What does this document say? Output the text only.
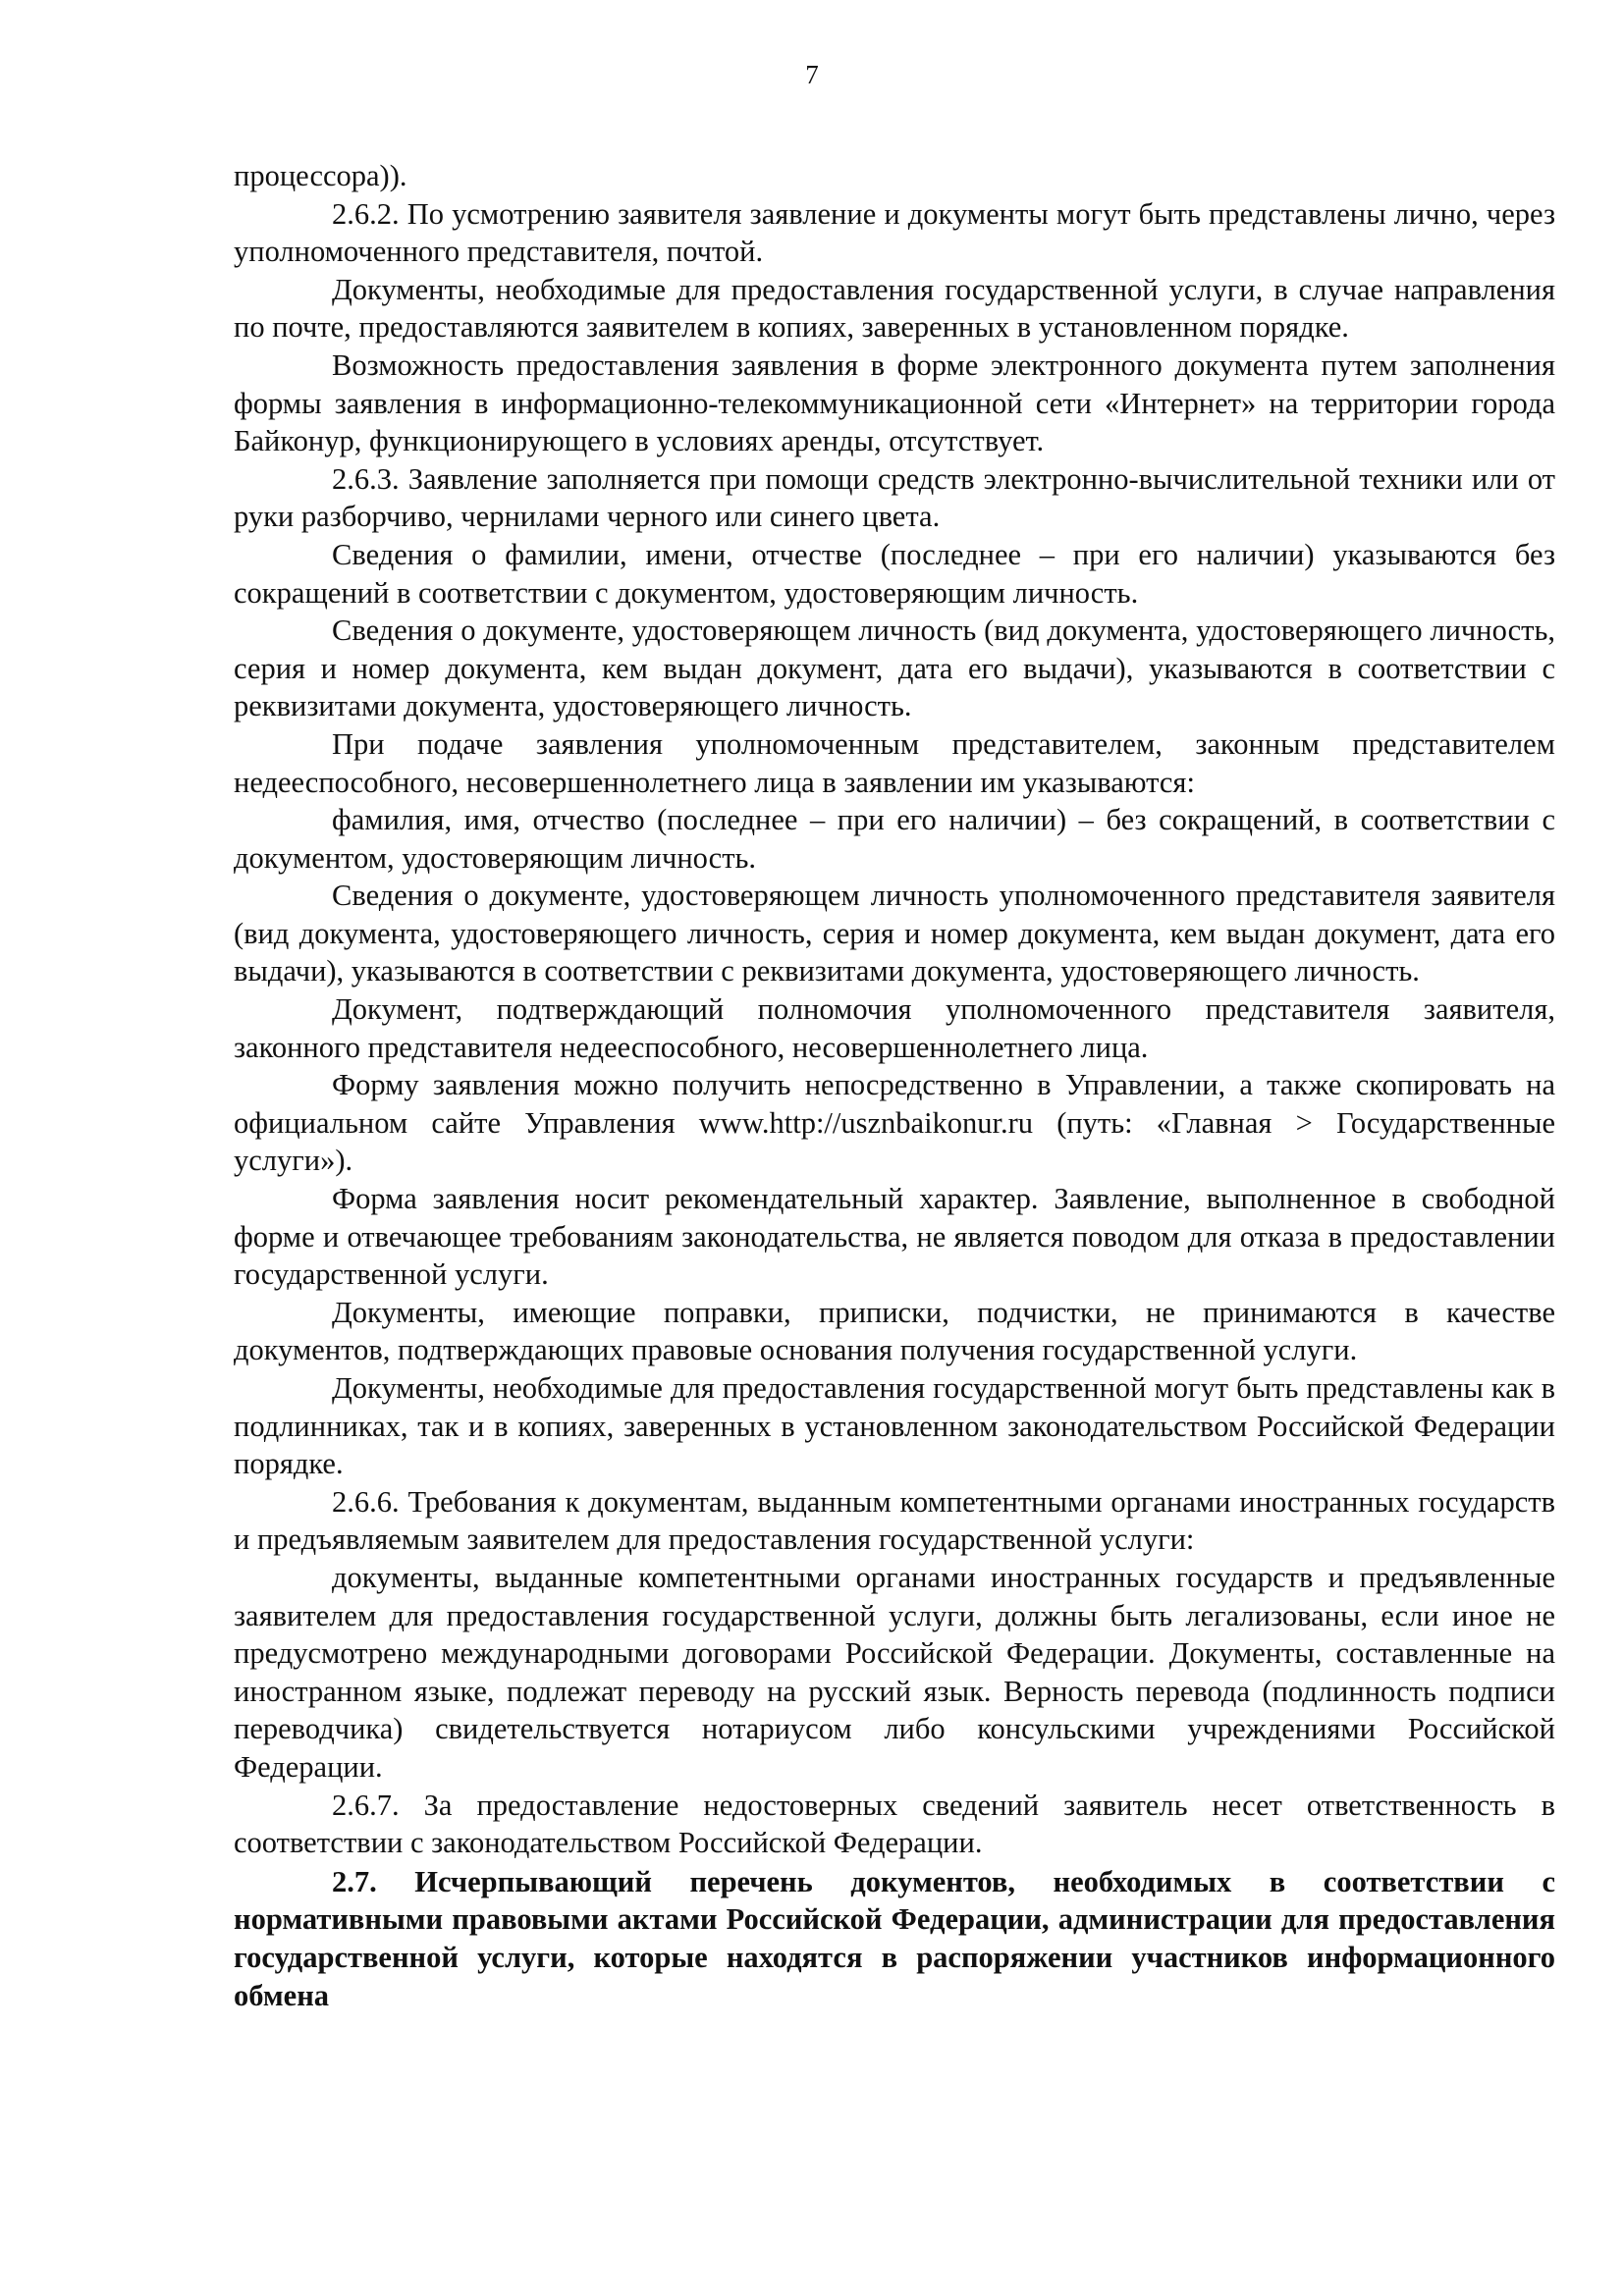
7

процессора)).

2.6.2. По усмотрению заявителя заявление и документы могут быть представлены лично, через уполномоченного представителя, почтой.

Документы, необходимые для предоставления государственной услуги, в случае направления по почте, предоставляются заявителем в копиях, заверенных в установленном порядке.

Возможность предоставления заявления в форме электронного документа путем заполнения формы заявления в информационно-телекоммуникационной сети «Интернет» на территории города Байконур, функционирующего в условиях аренды, отсутствует.

2.6.3. Заявление заполняется при помощи средств электронно-вычислительной техники или от руки разборчиво, чернилами черного или синего цвета.

Сведения о фамилии, имени, отчестве (последнее – при его наличии) указываются без сокращений в соответствии с документом, удостоверяющим личность.

Сведения о документе, удостоверяющем личность (вид документа, удостоверяющего личность, серия и номер документа, кем выдан документ, дата его выдачи), указываются в соответствии с реквизитами документа, удостоверяющего личность.

При подаче заявления уполномоченным представителем, законным представителем недееспособного, несовершеннолетнего лица в заявлении им указываются:

фамилия, имя, отчество (последнее – при его наличии) – без сокращений, в соответствии с документом, удостоверяющим личность.

Сведения о документе, удостоверяющем личность уполномоченного представителя заявителя (вид документа, удостоверяющего личность, серия и номер документа, кем выдан документ, дата его выдачи), указываются в соответствии с реквизитами документа, удостоверяющего личность.

Документ, подтверждающий полномочия уполномоченного представителя заявителя, законного представителя недееспособного, несовершеннолетнего лица.

Форму заявления можно получить непосредственно в Управлении, а также скопировать на официальном сайте Управления www.http://usznbaikonur.ru (путь: «Главная > Государственные услуги»).

Форма заявления носит рекомендательный характер. Заявление, выполненное в свободной форме и отвечающее требованиям законодательства, не является поводом для отказа в предоставлении государственной услуги.

Документы, имеющие поправки, приписки, подчистки, не принимаются в качестве документов, подтверждающих правовые основания получения государственной услуги.

Документы, необходимые для предоставления государственной могут быть представлены как в подлинниках, так и в копиях, заверенных в установленном законодательством Российской Федерации порядке.

2.6.6. Требования к документам, выданным компетентными органами иностранных государств и предъявляемым заявителем для предоставления государственной услуги:

документы, выданные компетентными органами иностранных государств и предъявленные заявителем для предоставления государственной услуги, должны быть легализованы, если иное не предусмотрено международными договорами Российской Федерации. Документы, составленные на иностранном языке, подлежат переводу на русский язык. Верность перевода (подлинность подписи переводчика) свидетельствуется нотариусом либо консульскими учреждениями Российской Федерации.

2.6.7. За предоставление недостоверных сведений заявитель несет ответственность в соответствии с законодательством Российской Федерации.

2.7. Исчерпывающий перечень документов, необходимых в соответствии с нормативными правовыми актами Российской Федерации, администрации для предоставления государственной услуги, которые находятся в распоряжении участников информационного обмена
